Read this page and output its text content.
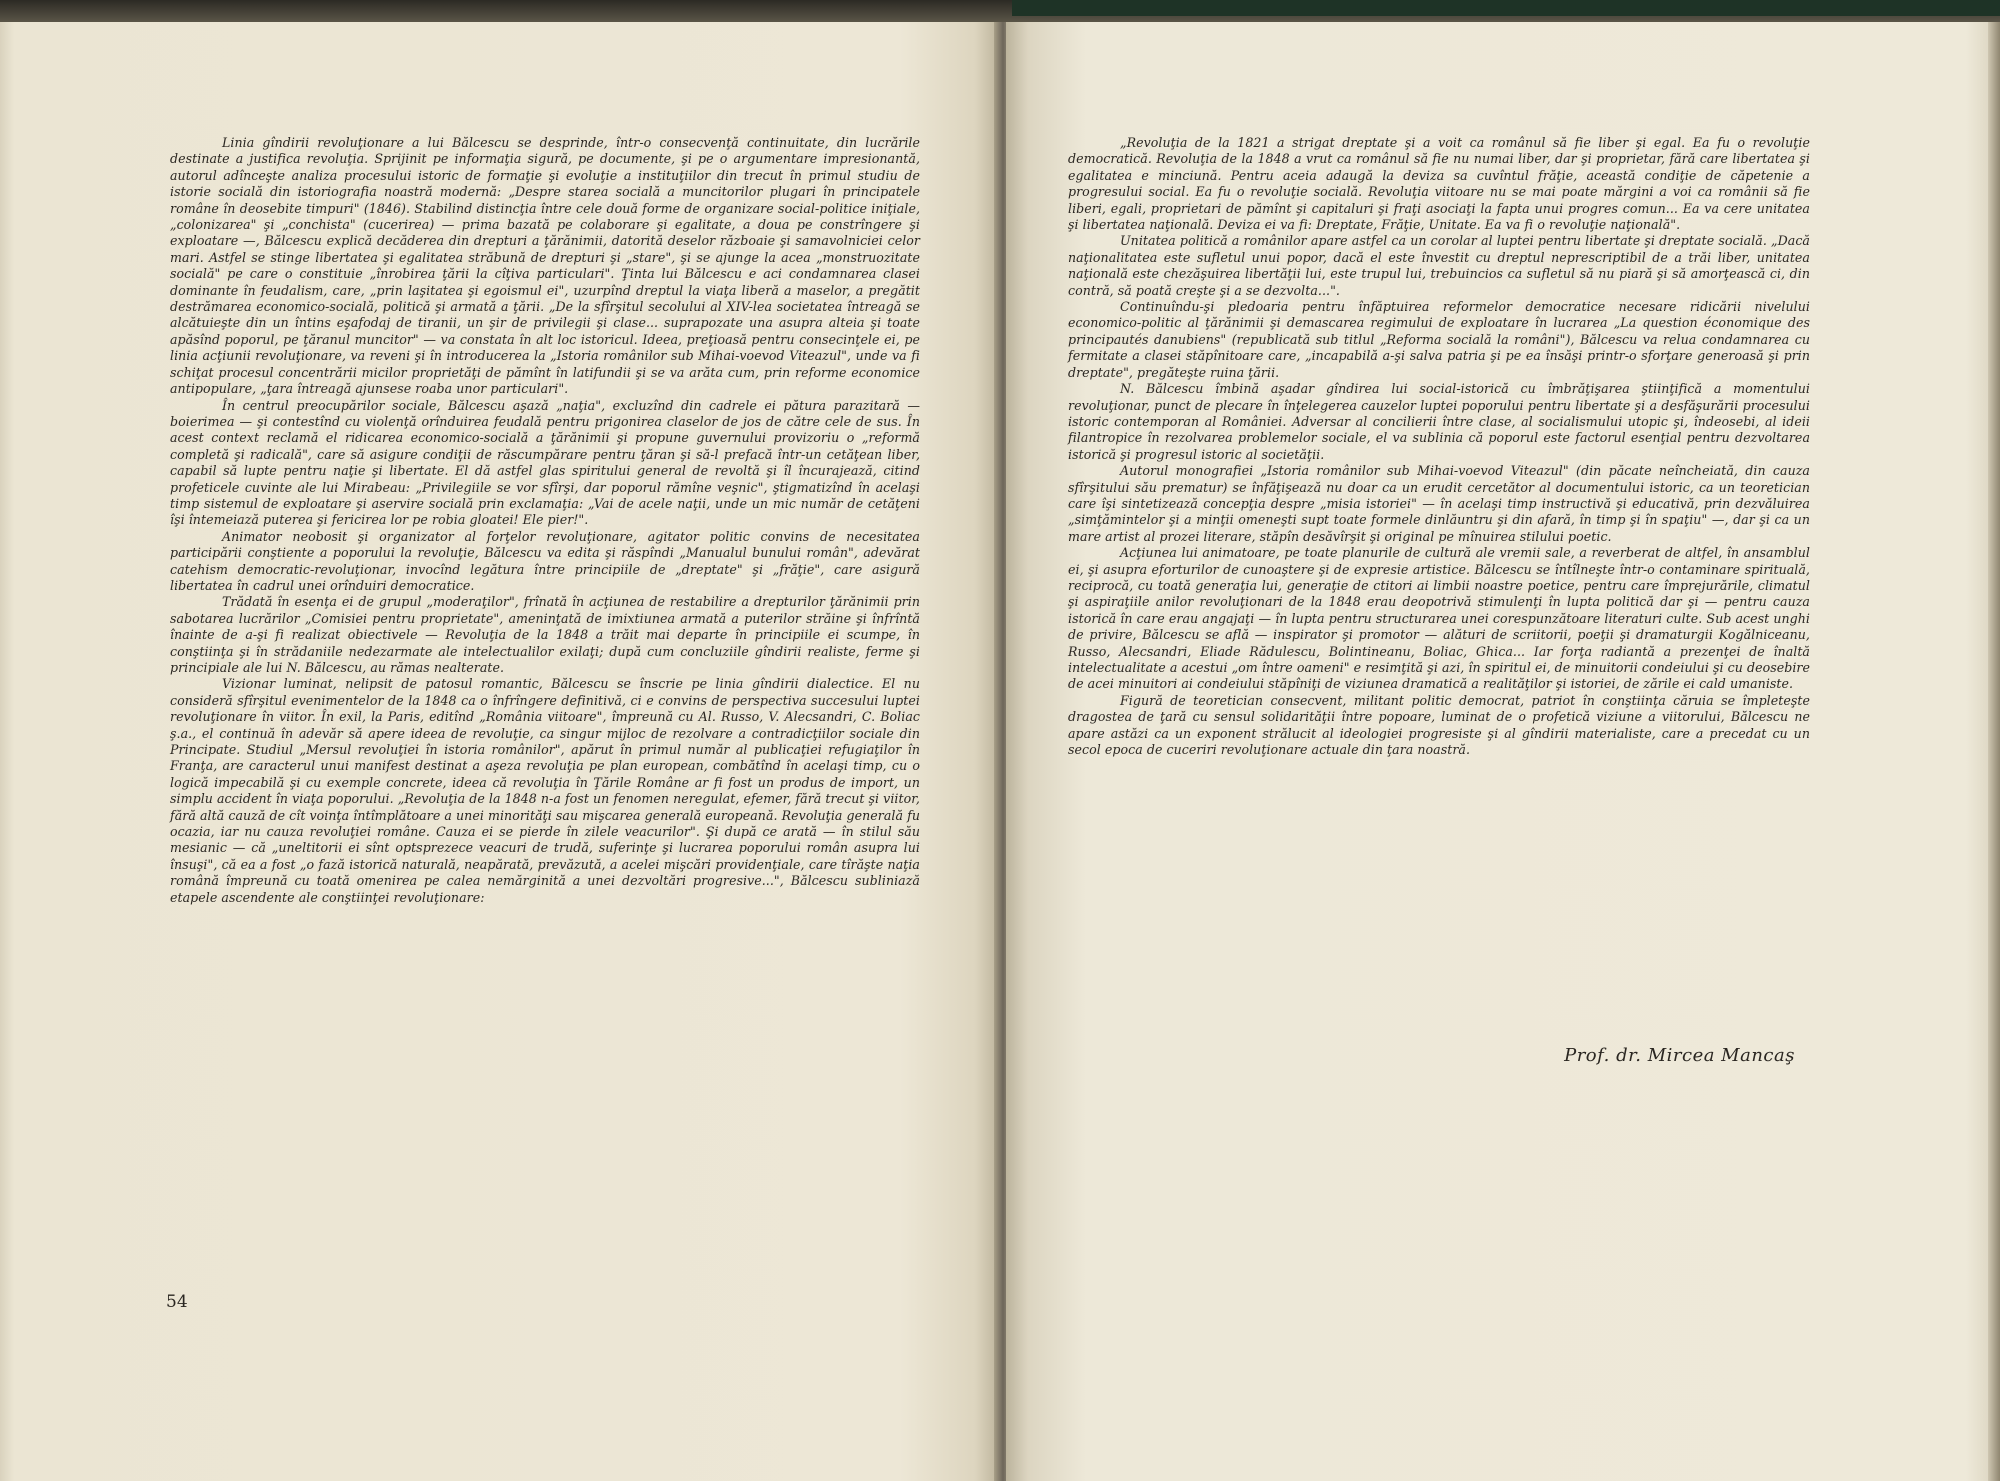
Linia gîndirii revoluţionare a lui Bălcescu se desprinde, într-o consecvenţă continuitate, din lucrările destinate a justifica revoluţia. Sprijinit pe informaţia sigură, pe documente, şi pe o argumentare impresionantă, autorul adînceşte analiza procesului istoric de formaţie şi evoluţie a instituţiilor din trecut în primul studiu de istorie socială din istoriografia noastră modernă: „Despre starea socială a muncitorilor plugari în principatele române în deosebite timpuri" (1846). Stabilind distincţia între cele două forme de organizare social-politice iniţiale, „colonizarea" şi „conchista" (cucerirea) — prima bazată pe colaborare şi egalitate, a doua pe constrîngere şi exploatare —, Bălcescu explică decăderea din drepturi a ţărănimii, datorită deselor războaie şi samavolniciei celor mari. Astfel se stinge libertatea şi egalitatea străbună de drepturi şi „stare", şi se ajunge la acea „monstruozitate socială" pe care o constituie „înrobirea ţării la cîţiva particulari". Ţinta lui Bălcescu e aci condamnarea clasei dominante în feudalism, care, „prin laşitatea şi egoismul ei", uzurpînd dreptul la viaţa liberă a maselor, a pregătit destrămarea economico-socială, politică şi armată a ţării. „De la sfîrşitul secolului al XIV-lea societatea întreagă se alcătuieşte din un întins eşafodaj de tiranii, un şir de privilegii şi clase... suprapozate una asupra alteia şi toate apăsînd poporul, pe ţăranul muncitor" — va constata în alt loc istoricul. Ideea, preţioasă pentru consecinţele ei, pe linia acţiunii revoluţionare, va reveni şi în introducerea la „Istoria românilor sub Mihai-voevod Viteazul", unde va fi schiţat procesul concentrării micilor proprietăţi de pămînt în latifundii şi se va arăta cum, prin reforme economice antipopulare, „ţara întreagă ajunsese roaba unor particulari".

În centrul preocupărilor sociale, Bălcescu aşază „naţia", excluzînd din cadrele ei pătura parazitară — boierimea — şi contestînd cu violenţă orînduirea feudală pentru prigonirea claselor de jos de către cele de sus. În acest context reclamă el ridicarea economico-socială a ţărănimii şi propune guvernului provizoriu o „reformă completă şi radicală", care să asigure condiţii de răscumpărare pentru ţăran şi să-l prefacă într-un cetăţean liber, capabil să lupte pentru naţie şi libertate. El dă astfel glas spiritului general de revoltă şi îl încurajează, citind profeticele cuvinte ale lui Mirabeau: „Privilegiile se vor sfîrşi, dar poporul rămîne veşnic", ştigmatizînd în acelaşi timp sistemul de exploatare şi aservire socială prin exclamaţia: „Vai de acele naţii, unde un mic număr de cetăţeni îşi întemeiază puterea şi fericirea lor pe robia gloatei! Ele pier!".

Animator neobosit şi organizator al forţelor revoluţionare, agitator politic convins de necesitatea participării conştiente a poporului la revoluţie, Bălcescu va edita şi răspîndi „Manualul bunului român", adevărat catehism democratic-revoluţionar, invocînd legătura între principiile de „dreptate" şi „frăţie", care asigură libertatea în cadrul unei orînduiri democratice.

Trădată în esenţa ei de grupul „moderaţilor", frînată în acţiunea de restabilire a drepturilor ţărănimii prin sabotarea lucrărilor „Comisiei pentru proprietate", ameninţată de imixtiunea armată a puterilor străine şi înfrîntă înainte de a-şi fi realizat obiectivele — Revoluţia de la 1848 a trăit mai departe în principiile ei scumpe, în conştiinţa şi în strădaniile nedezarmate ale intelectualilor exilaţi; după cum concluziile gîndirii realiste, ferme şi principiale ale lui N. Bălcescu, au rămas nealterate.

Vizionar luminat, nelipsit de patosul romantic, Bălcescu se înscrie pe linia gîndirii dialectice. El nu consideră sfîrşitul evenimentelor de la 1848 ca o înfrîngere definitivă, ci e convins de perspectiva succesului luptei revoluţionare în viitor. În exil, la Paris, editînd „România viitoare", împreună cu Al. Russo, V. Alecsandri, C. Boliac ş.a., el continuă în adevăr să apere ideea de revoluţie, ca singur mijloc de rezolvare a contradicţiilor sociale din Principate. Studiul „Mersul revoluţiei în istoria românilor", apărut în primul număr al publicaţiei refugiaţilor în Franţa, are caracterul unui manifest destinat a aşeza revoluţia pe plan european, combătînd în acelaşi timp, cu o logică impecabilă şi cu exemple concrete, ideea că revoluţia în Ţările Române ar fi fost un produs de import, un simplu accident în viaţa poporului. „Revoluţia de la 1848 n-a fost un fenomen neregulat, efemer, fără trecut şi viitor, fără altă cauză de cît voinţa întîmplătoare a unei minorităţi sau mişcarea generală europeană. Revoluţia generală fu ocazia, iar nu cauza revoluţiei române. Cauza ei se pierde în zilele veacurilor". Şi după ce arată — în stilul său mesianic — că „uneltitorii ei sînt optsprezece veacuri de trudă, suferinţe şi lucrarea poporului român asupra lui însuşi", că ea a fost „o fază istorică naturală, neapărată, prevăzută, a acelei mişcări providenţiale, care tîrăşte naţia română împreună cu toată omenirea pe calea nemărginită a unei dezvoltări progresive...", Bălcescu subliniază etapele ascendente ale conştiinţei revoluţionare:

54

„Revoluţia de la 1821 a strigat dreptate şi a voit ca românul să fie liber şi egal. Ea fu o revoluţie democratică. Revoluţia de la 1848 a vrut ca românul să fie nu numai liber, dar şi proprietar, fără care libertatea şi egalitatea e minciună. Pentru aceia adaugă la deviza sa cuvîntul frăţie, această condiţie de căpetenie a progresului social. Ea fu o revoluţie socială. Revoluţia viitoare nu se mai poate mărgini a voi ca românii să fie liberi, egali, proprietari de pămînt şi capitaluri şi fraţi asociaţi la fapta unui progres comun... Ea va cere unitatea şi libertatea naţională. Deviza ei va fi: Dreptate, Frăţie, Unitate. Ea va fi o revoluţie naţională".

Unitatea politică a românilor apare astfel ca un corolar al luptei pentru libertate şi dreptate socială. „Dacă naţionalitatea este sufletul unui popor, dacă el este învestit cu dreptul neprescriptibil de a trăi liber, unitatea naţională este chezăşuirea libertăţii lui, este trupul lui, trebuincios ca sufletul să nu piară şi să amorţească ci, din contră, să poată creşte şi a se dezvolta...".

Continuîndu-şi pledoaria pentru înfăptuirea reformelor democratice necesare ridicării nivelului economico-politic al ţărănimii şi demascarea regimului de exploatare în lucrarea „La question économique des principautés danubiens" (republicată sub titlul „Reforma socială la români"), Bălcescu va relua condamnarea cu fermitate a clasei stăpînitoare care, „incapabilă a-şi salva patria şi pe ea însăşi printr-o sforţare generoasă şi prin dreptate", pregăteşte ruina ţării.

N. Bălcescu îmbină aşadar gîndirea lui social-istorică cu îmbrăţişarea ştiinţifică a momentului revoluţionar, punct de plecare în înţelegerea cauzelor luptei poporului pentru libertate şi a desfăşurării procesului istoric contemporan al României. Adversar al concilierii între clase, al socialismului utopic şi, îndeosebi, al ideii filantropice în rezolvarea problemelor sociale, el va sublinia că poporul este factorul esenţial pentru dezvoltarea istorică şi progresul istoric al societăţii.

Autorul monografiei „Istoria românilor sub Mihai-voevod Viteazul" (din păcate neîncheiată, din cauza sfîrşitului său prematur) se înfăţişează nu doar ca un erudit cercetător al documentului istoric, ca un teoretician care îşi sintetizează concepţia despre „misia istoriei" — în acelaşi timp instructivă şi educativă, prin dezvăluirea „simţămintelor şi a minţii omeneşti supt toate formele dinlăuntru şi din afară, în timp şi în spaţiu" —, dar şi ca un mare artist al prozei literare, stăpîn desăvîrşit şi original pe mînuirea stilului poetic.

Acţiunea lui animatoare, pe toate planurile de cultură ale vremii sale, a reverberat de altfel, în ansamblul ei, şi asupra eforturilor de cunoaştere şi de expresie artistice. Bălcescu se întîlneşte într-o contaminare spirituală, reciprocă, cu toată generaţia lui, generaţie de ctitori ai limbii noastre poetice, pentru care împrejurările, climatul şi aspiraţiile anilor revoluţionari de la 1848 erau deopotrivă stimulenţi în lupta politică dar şi — pentru cauza istorică în care erau angajaţi — în lupta pentru structurarea unei corespunzătoare literaturi culte. Sub acest unghi de privire, Bălcescu se află — inspirator şi promotor — alături de scriitorii, poeţii şi dramaturgii Kogălniceanu, Russo, Alecsandri, Eliade Rădulescu, Bolintineanu, Boliac, Ghica... Iar forţa radiantă a prezenţei de înaltă intelectualitate a acestui „om între oameni" e resimţită şi azi, în spiritul ei, de minuitorii condeiului şi cu deosebire de acei minuitori ai condeiului stăpîniţi de viziunea dramatică a realităţilor şi istoriei, de zările ei cald umaniste.

Figură de teoretician consecvent, militant politic democrat, patriot în conştiinţa căruia se împleteşte dragostea de ţară cu sensul solidarităţii între popoare, luminat de o profetică viziune a viitorului, Bălcescu ne apare astăzi ca un exponent strălucit al ideologiei progresiste şi al gîndirii materialiste, care a precedat cu un secol epoca de cuceriri revoluţionare actuale din ţara noastră.

Prof. dr. Mircea Mancaş
